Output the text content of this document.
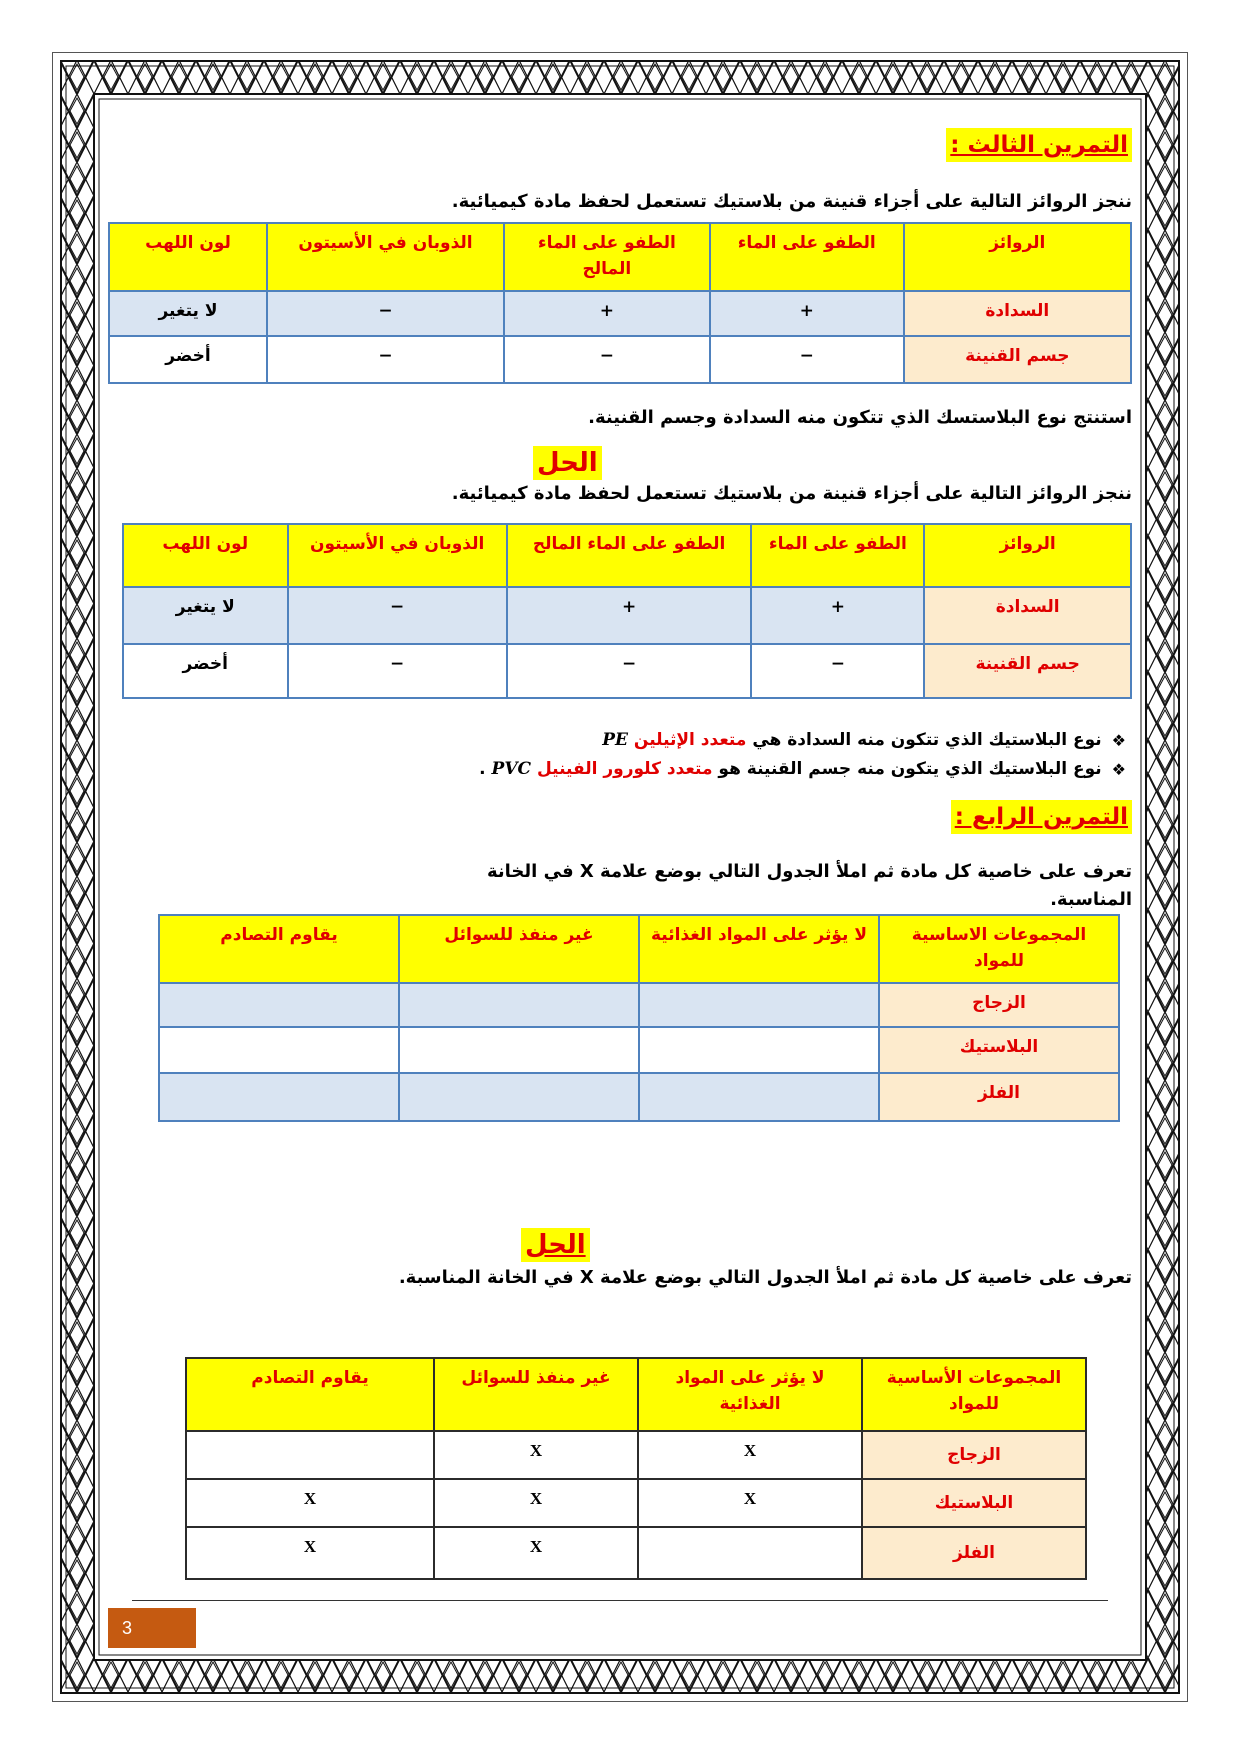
التمرين الثالث :
ننجز الروائز التالية على أجزاء قنينة من بلاستيك تستعمل لحفظ مادة كيميائية.
الروائز	الطفو على الماء	الطفو على الماء المالح	الذوبان في الأسيتون	لون اللهب
السدادة	+	+	−	لا يتغير
جسم القنينة	−	−	−	أخضر
استنتج نوع البلاستسك الذي تتكون منه السدادة وجسم القنينة.
الحل
ننجز الروائز التالية على أجزاء قنينة من بلاستيك تستعمل لحفظ مادة كيميائية.
الروائز	الطفو على الماء	الطفو على الماء المالح	الذوبان في الأسيتون	لون اللهب
السدادة	+	+	−	لا يتغير
جسم القنينة	−	−	−	أخضر
❖
نوع البلاستيك الذي تتكون منه السدادة هي متعدد الإثيلين PE
❖
نوع البلاستيك الذي يتكون منه جسم القنينة هو متعدد كلورور الفينيل PVC .
التمرين الرابع :
تعرف على خاصية كل مادة ثم املأ الجدول التالي بوضع علامة X في الخانة
المناسبة.
المجموعات الاساسية للمواد	لا يؤثر على المواد الغذائية	غير منفذ للسوائل	يقاوم التصادم
الزجاج			
البلاستيك			
الفلز			
الحل
تعرف على خاصية كل مادة ثم املأ الجدول التالي بوضع علامة X في الخانة المناسبة.
المجموعات الأساسية للمواد	لا يؤثر على المواد الغذائية	غير منفذ للسوائل	يقاوم التصادم
الزجاج	X	X	
البلاستيك	X	X	X
الفلز		X	X
3
